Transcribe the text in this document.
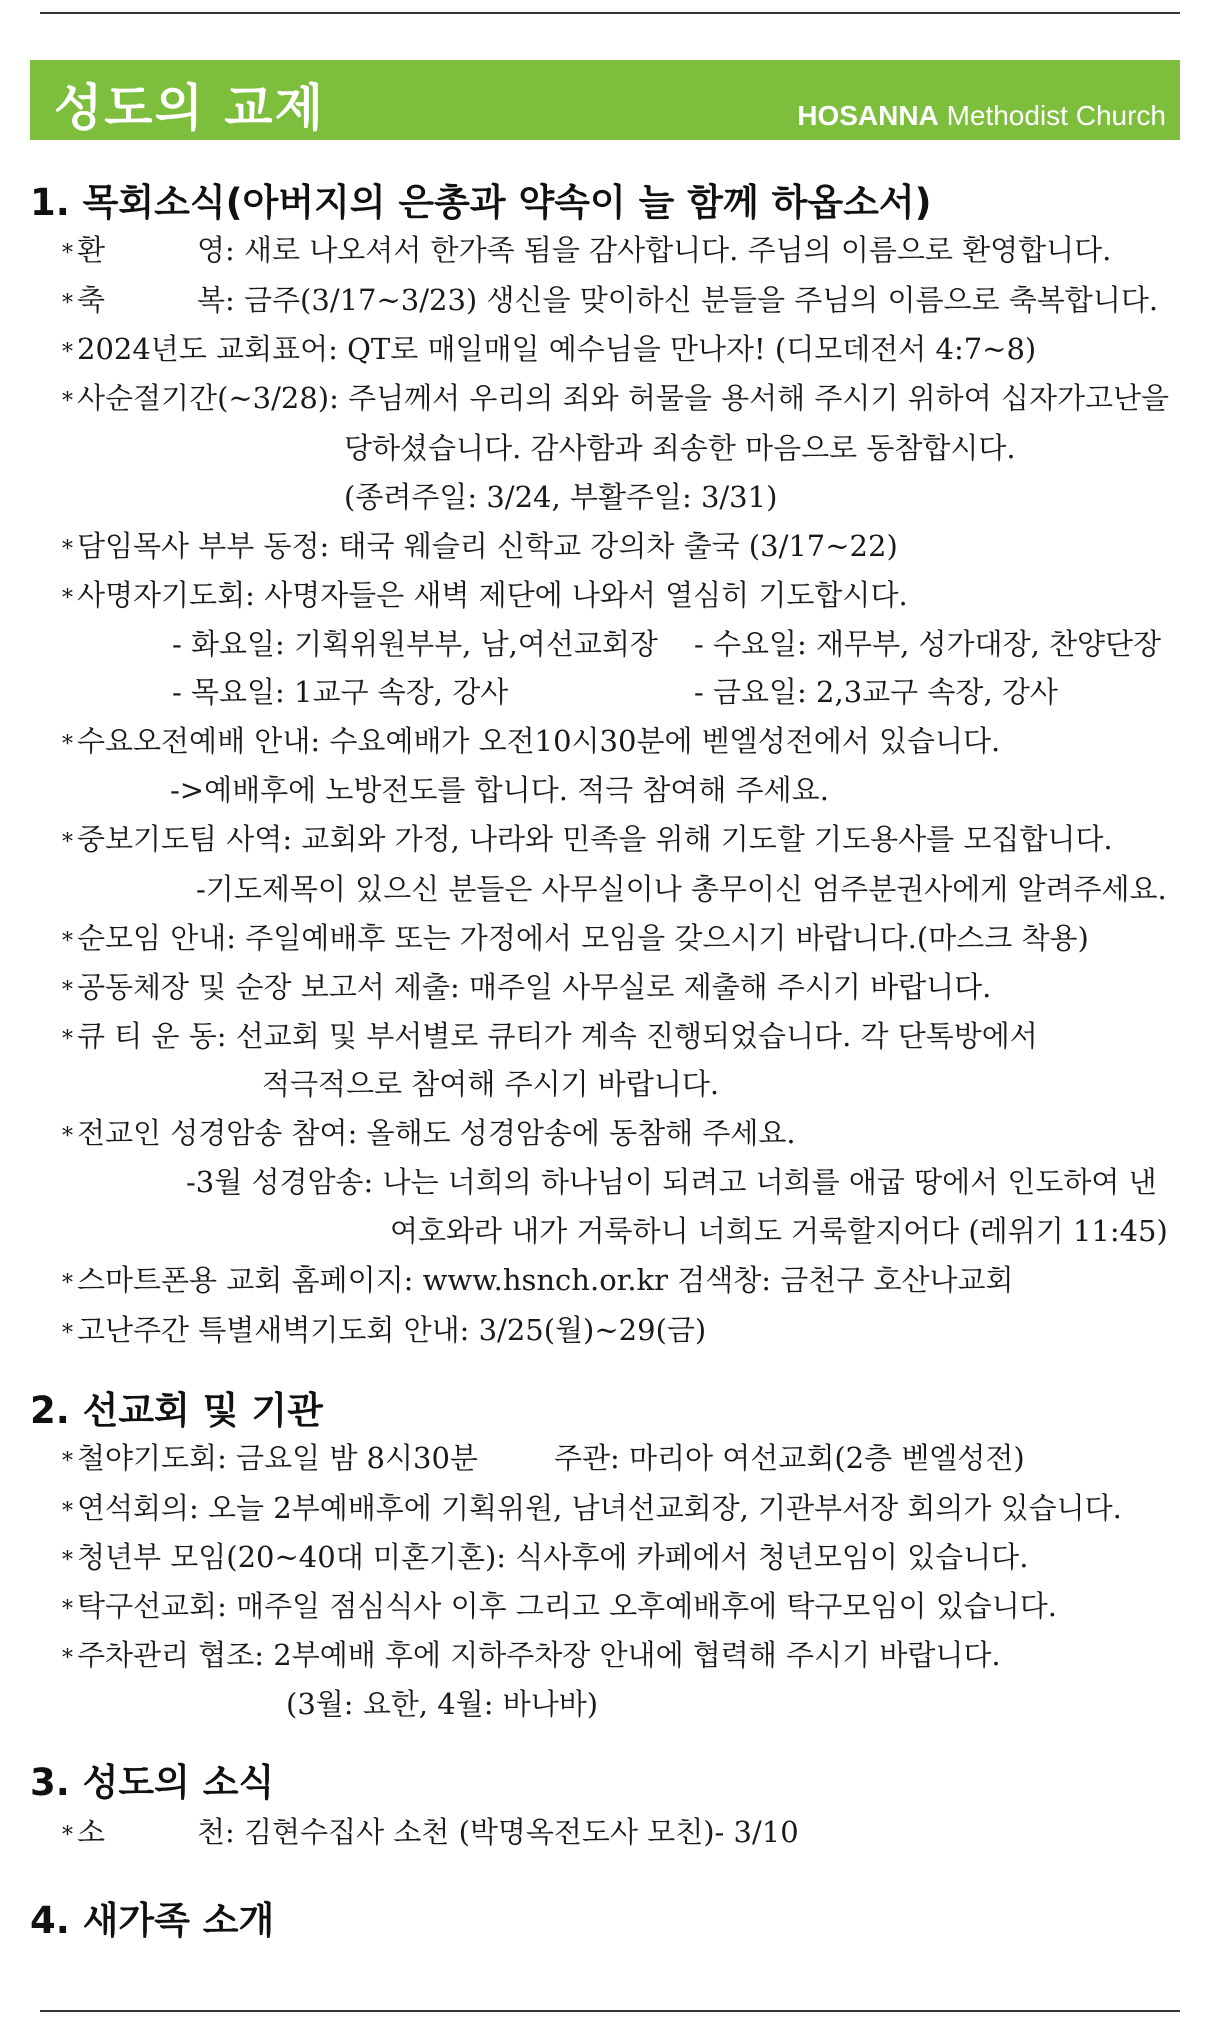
성도의 교제	HOSANNA Methodist Church
1. 목회소식(아버지의 은총과 약속이 늘 함께 하옵소서)
* 환	영: 새로 나오셔서 한가족 됨을 감사합니다. 주님의 이름으로 환영합니다.
* 축	복: 금주(3/17~3/23) 생신을 맞이하신 분들을 주님의 이름으로 축복합니다.
* 2024년도 교회표어: QT로 매일매일 예수님을 만나자! (디모데전서 4:7~8)
* 사순절기간(~3/28): 주님께서 우리의 죄와 허물을 용서해 주시기 위하여 십자가고난을
당하셨습니다. 감사함과 죄송한 마음으로 동참합시다.
(종려주일: 3/24, 부활주일: 3/31)
* 담임목사 부부 동정: 태국 웨슬리 신학교 강의차 출국 (3/17~22)
* 사명자기도회: 사명자들은 새벽 제단에 나와서 열심히 기도합시다.
- 화요일: 기획위원부부, 남,여선교회장 - 수요일: 재무부, 성가대장, 찬양단장
- 목요일: 1교구 속장, 강사	- 금요일: 2,3교구 속장, 강사
* 수요오전예배 안내: 수요예배가 오전10시30분에 벧엘성전에서 있습니다.
->예배후에 노방전도를 합니다. 적극 참여해 주세요.
* 중보기도팀 사역: 교회와 가정, 나라와 민족을 위해 기도할 기도용사를 모집합니다.
-기도제목이 있으신 분들은 사무실이나 총무이신 엄주분권사에게 알려주세요.
* 순모임 안내: 주일예배후 또는 가정에서 모임을 갖으시기 바랍니다.(마스크 착용)
* 공동체장 및 순장 보고서 제출: 매주일 사무실로 제출해 주시기 바랍니다.
* 큐 티 운 동: 선교회 및 부서별로 큐티가 계속 진행되었습니다. 각 단톡방에서
적극적으로 참여해 주시기 바랍니다.
* 전교인 성경암송 참여: 올해도 성경암송에 동참해 주세요.
-3월 성경암송: 나는 너희의 하나님이 되려고 너희를 애굽 땅에서 인도하여 낸
여호와라 내가 거룩하니 너희도 거룩할지어다 (레위기 11:45)
* 스마트폰용 교회 홈페이지: www.hsnch.or.kr 검색창: 금천구 호산나교회
* 고난주간 특별새벽기도회 안내: 3/25(월)~29(금)
2. 선교회 및 기관
* 철야기도회: 금요일 밤 8시30분	주관: 마리아 여선교회(2층 벧엘성전)
* 연석회의: 오늘 2부예배후에 기획위원, 남녀선교회장, 기관부서장 회의가 있습니다.
* 청년부 모임(20~40대 미혼기혼): 식사후에 카페에서 청년모임이 있습니다.
* 탁구선교회: 매주일 점심식사 이후 그리고 오후예배후에 탁구모임이 있습니다.
* 주차관리 협조: 2부예배 후에 지하주차장 안내에 협력해 주시기 바랍니다.
(3월: 요한, 4월: 바나바)
3. 성도의 소식
* 소	천: 김현수집사 소천 (박명옥전도사 모친)- 3/10
4. 새가족 소개
